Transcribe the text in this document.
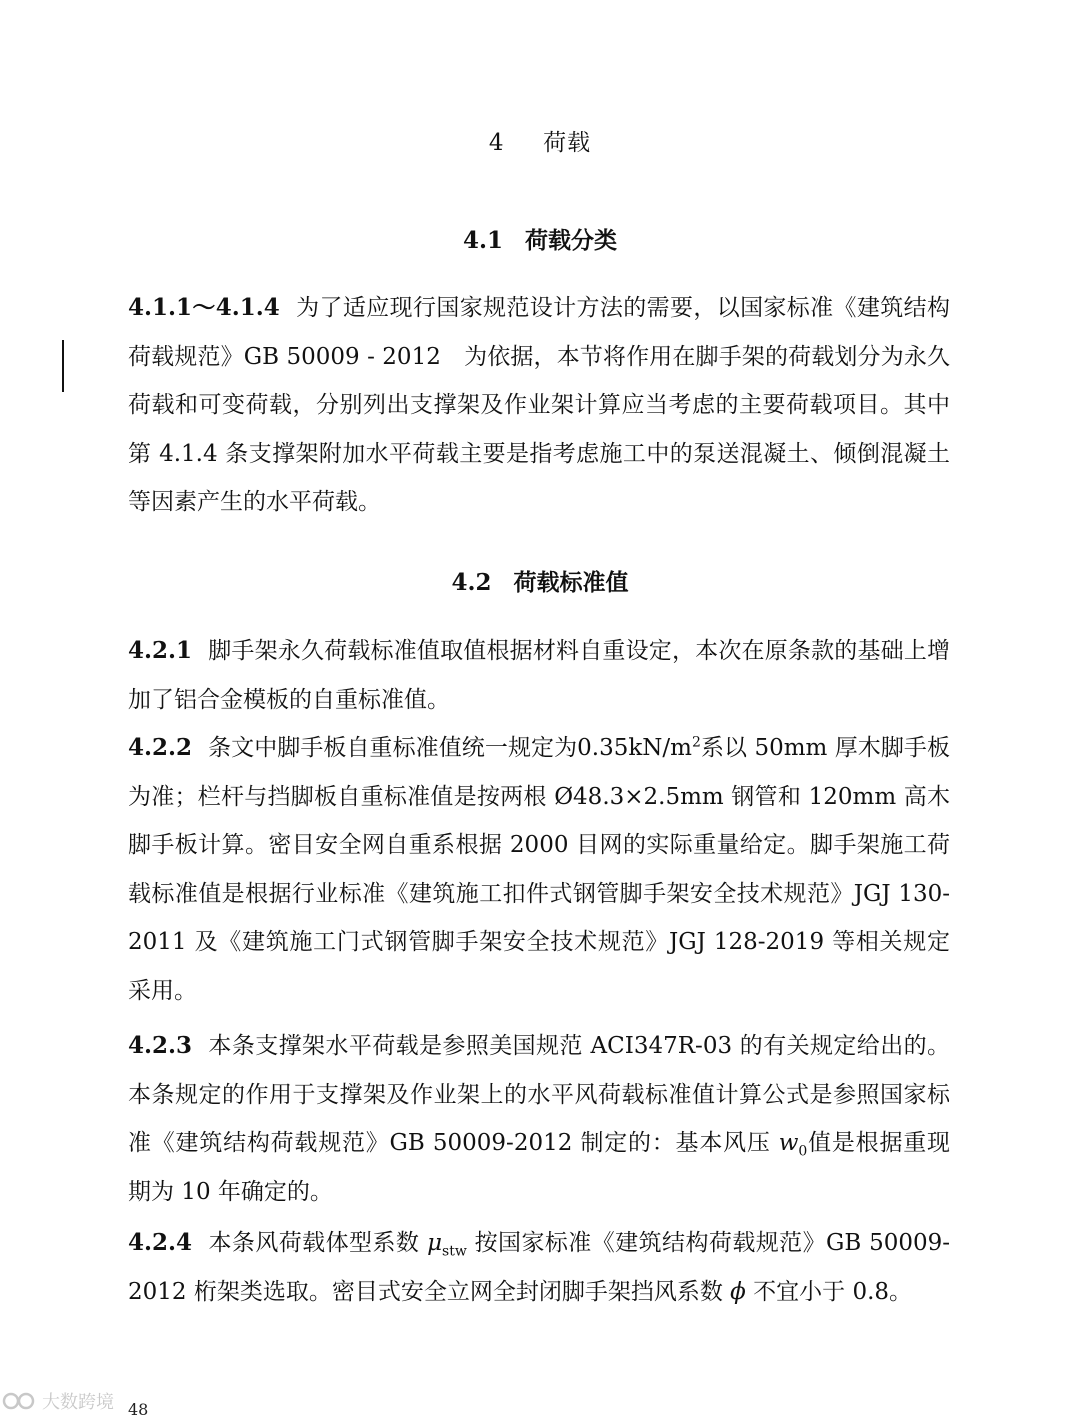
4 荷载
4.1 荷载分类

4.1.1～4.1.4 为了适应现行国家规范设计方法的需要，以国家标准《建筑结构荷载规范》GB 50009 - 2012　为依据，本节将作用在脚手架的荷载划分为永久荷载和可变荷载，分别列出支撑架及作业架计算应当考虑的主要荷载项目。其中第 4.1.4 条支撑架附加水平荷载主要是指考虑施工中的泵送混凝土、倾倒混凝土等因素产生的水平荷载。

4.2 荷载标准值

4.2.1 脚手架永久荷载标准值取值根据材料自重设定，本次在原条款的基础上增加了铝合金模板的自重标准值。

4.2.2 条文中脚手板自重标准值统一规定为$0.35kN/m^2$系以 50mm 厚木脚手板为准；栏杆与挡脚板自重标准值是按两根 Ø48.3×2.5mm 钢管和 120mm 高木脚手板计算。密目安全网自重系根据 2000 目网的实际重量给定。脚手架施工荷载标准值是根据行业标准《建筑施工扣件式钢管脚手架安全技术规范》JGJ 130-2011 及《建筑施工门式钢管脚手架安全技术规范》JGJ 128-2019 等相关规定采用。

4.2.3 本条支撑架水平荷载是参照美国规范 ACI347R-03 的有关规定给出的。本条规定的作用于支撑架及作业架上的水平风荷载标准值计算公式是参照国家标准《建筑结构荷载规范》GB 50009-2012 制定的：基本风压 $w_0$值是根据重现期为 10 年确定的。

4.2.4 本条风荷载体型系数 $\mu_{stw}$ 按国家标准《建筑结构荷载规范》GB 50009-2012 桁架类选取。密目式安全立网全封闭脚手架挡风系数 ϕ 不宜小于 0.8。

大数跨境 48
